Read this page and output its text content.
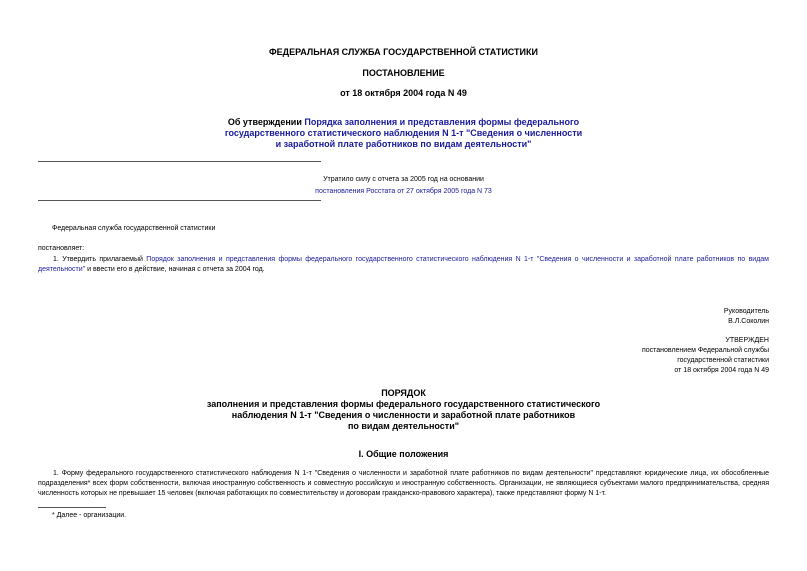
ФЕДЕРАЛЬНАЯ СЛУЖБА ГОСУДАРСТВЕННОЙ СТАТИСТИКИ
ПОСТАНОВЛЕНИЕ
от 18 октября 2004 года N 49
Об утверждении Порядка заполнения и представления формы федерального
государственного статистического наблюдения N 1-т "Сведения о численности
и заработной плате работников по видам деятельности"
Утратило силу с отчета за 2005 год на основании
постановления Росстата от 27 октября 2005 года N 73
Федеральная служба государственной статистики
постановляет:
1. Утвердить прилагаемый Порядок заполнения и представления формы федерального государственного статистического наблюдения N 1-т "Сведения о численности и заработной плате работников по видам деятельности" и ввести его в действие, начиная с отчета за 2004 год.
Руководитель
В.Л.Соколин
УТВЕРЖДЕН
постановлением Федеральной службы
государственной статистики
от 18 октября 2004 года N 49
ПОРЯДОК
заполнения и представления формы федерального государственного статистического
наблюдения N 1-т "Сведения о численности и заработной плате работников
по видам деятельности"
I. Общие положения
1. Форму федерального государственного статистического наблюдения N 1-т "Сведения о численности и заработной плате работников по видам деятельности" представляют юридические лица, их обособленные подразделения* всех форм собственности, включая иностранную собственность и совместную российскую и иностранную собственность. Организации, не являющиеся субъектами малого предпринимательства, средняя численность которых не превышает 15 человек (включая работающих по совместительству и договорам гражданско-правового характера), также представляют форму N 1-т.
* Далее - организации.
